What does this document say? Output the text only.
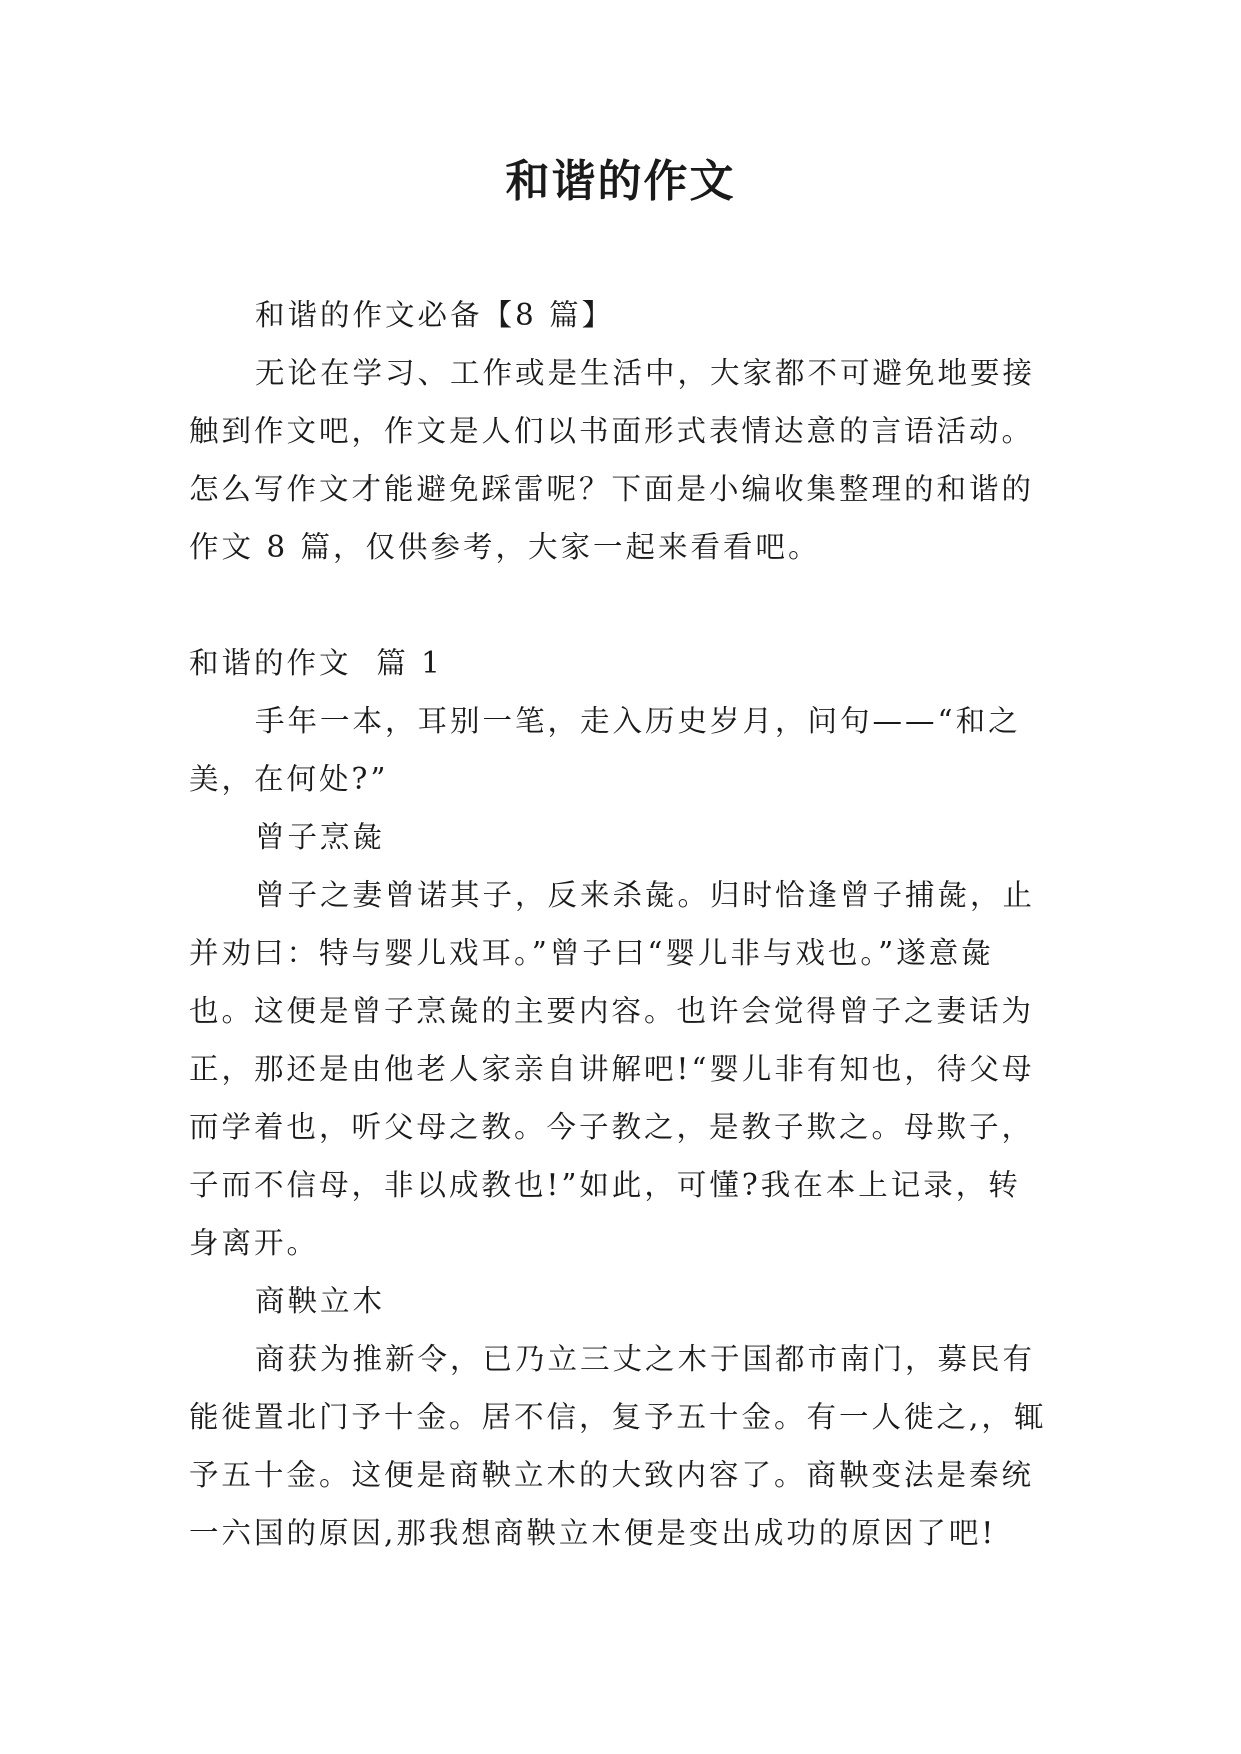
和谐的作文

和谐的作文必备【8 篇】

无论在学习、工作或是生活中，大家都不可避免地要接触到作文吧，作文是人们以书面形式表情达意的言语活动。怎么写作文才能避免踩雷呢？下面是小编收集整理的和谐的作文 8 篇，仅供参考，大家一起来看看吧。

和谐的作文  篇 1

手年一本，耳别一笔，走入历史岁月，问句——“和之美，在何处?”

曾子烹彘

曾子之妻曾诺其子，反来杀彘。归时恰逢曾子捕彘，止并劝曰：特与婴儿戏耳。”曾子曰“婴儿非与戏也。”遂意彘也。这便是曾子烹彘的主要内容。也许会觉得曾子之妻话为正，那还是由他老人家亲自讲解吧!“婴儿非有知也，待父母而学着也，听父母之教。今子教之，是教子欺之。母欺子，子而不信母，非以成教也!”如此，可懂?我在本上记录，转身离开。

商鞅立木

商获为推新令，已乃立三丈之木于国都市南门，募民有能徙置北门予十金。居不信，复予五十金。有一人徙之,，辄予五十金。这便是商鞅立木的大致内容了。商鞅变法是秦统一六国的原因,那我想商鞅立木便是变出成功的原因了吧!
